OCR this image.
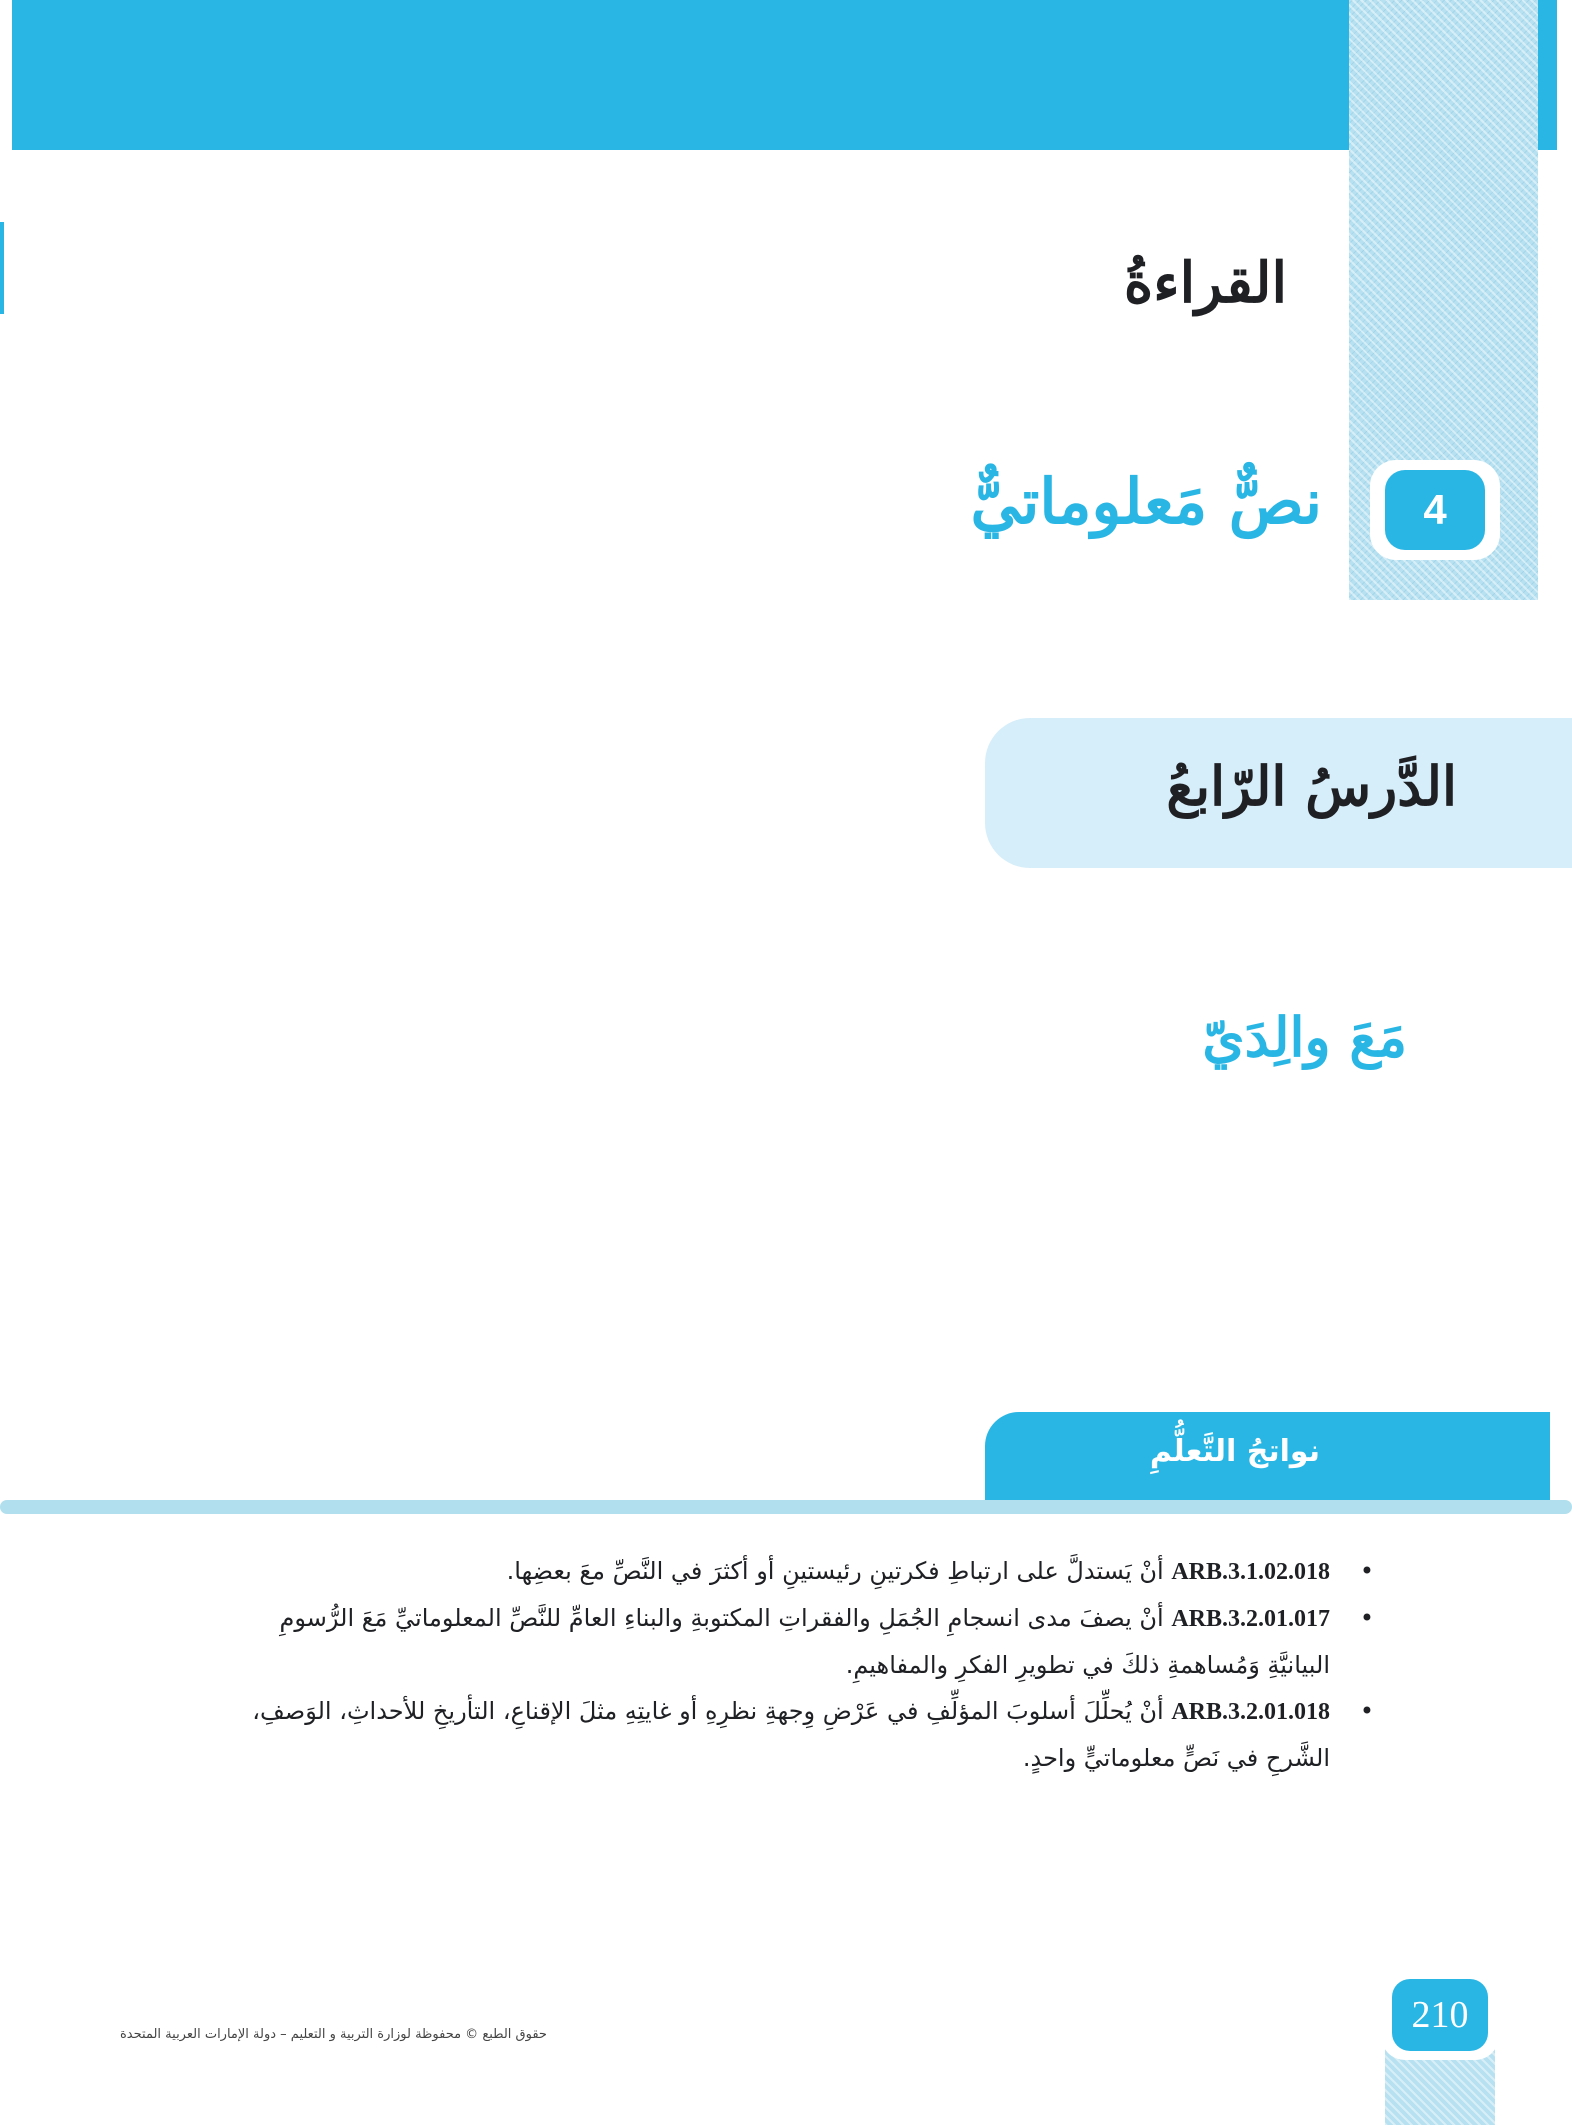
القراءةُ
4
نصٌّ مَعلوماتيٌّ
الدَّرسُ الرّابعُ
مَعَ والِدَيّ
نواتجُ التَّعلُّمِ
•
ARB.3.1.02.018 أنْ يَستدلَّ على ارتباطِ فكرتينِ رئيستينِ أو أكثرَ في النَّصِّ معَ بعضِها.
•
ARB.3.2.01.017 أنْ يصفَ مدى انسجامِ الجُمَلِ والفقراتِ المكتوبةِ والبناءِ العامِّ للنَّصِّ المعلوماتيِّ مَعَ الرُّسومِ البيانيَّةِ وَمُساهمةِ ذلكَ في تطويرِ الفكرِ والمفاهيمِ.
•
ARB.3.2.01.018 أنْ يُحلِّلَ أسلوبَ المؤلِّفِ في عَرْضِ وِجهةِ نظرِهِ أو غايتِهِ مثلَ الإقناعِ، التأريخِ للأحداثِ، الوَصفِ، الشَّرحِ في نَصٍّ معلوماتيٍّ واحدٍ.
210
حقوق الطبع © محفوظة لوزارة التربية و التعليم – دولة الإمارات العربية المتحدة
